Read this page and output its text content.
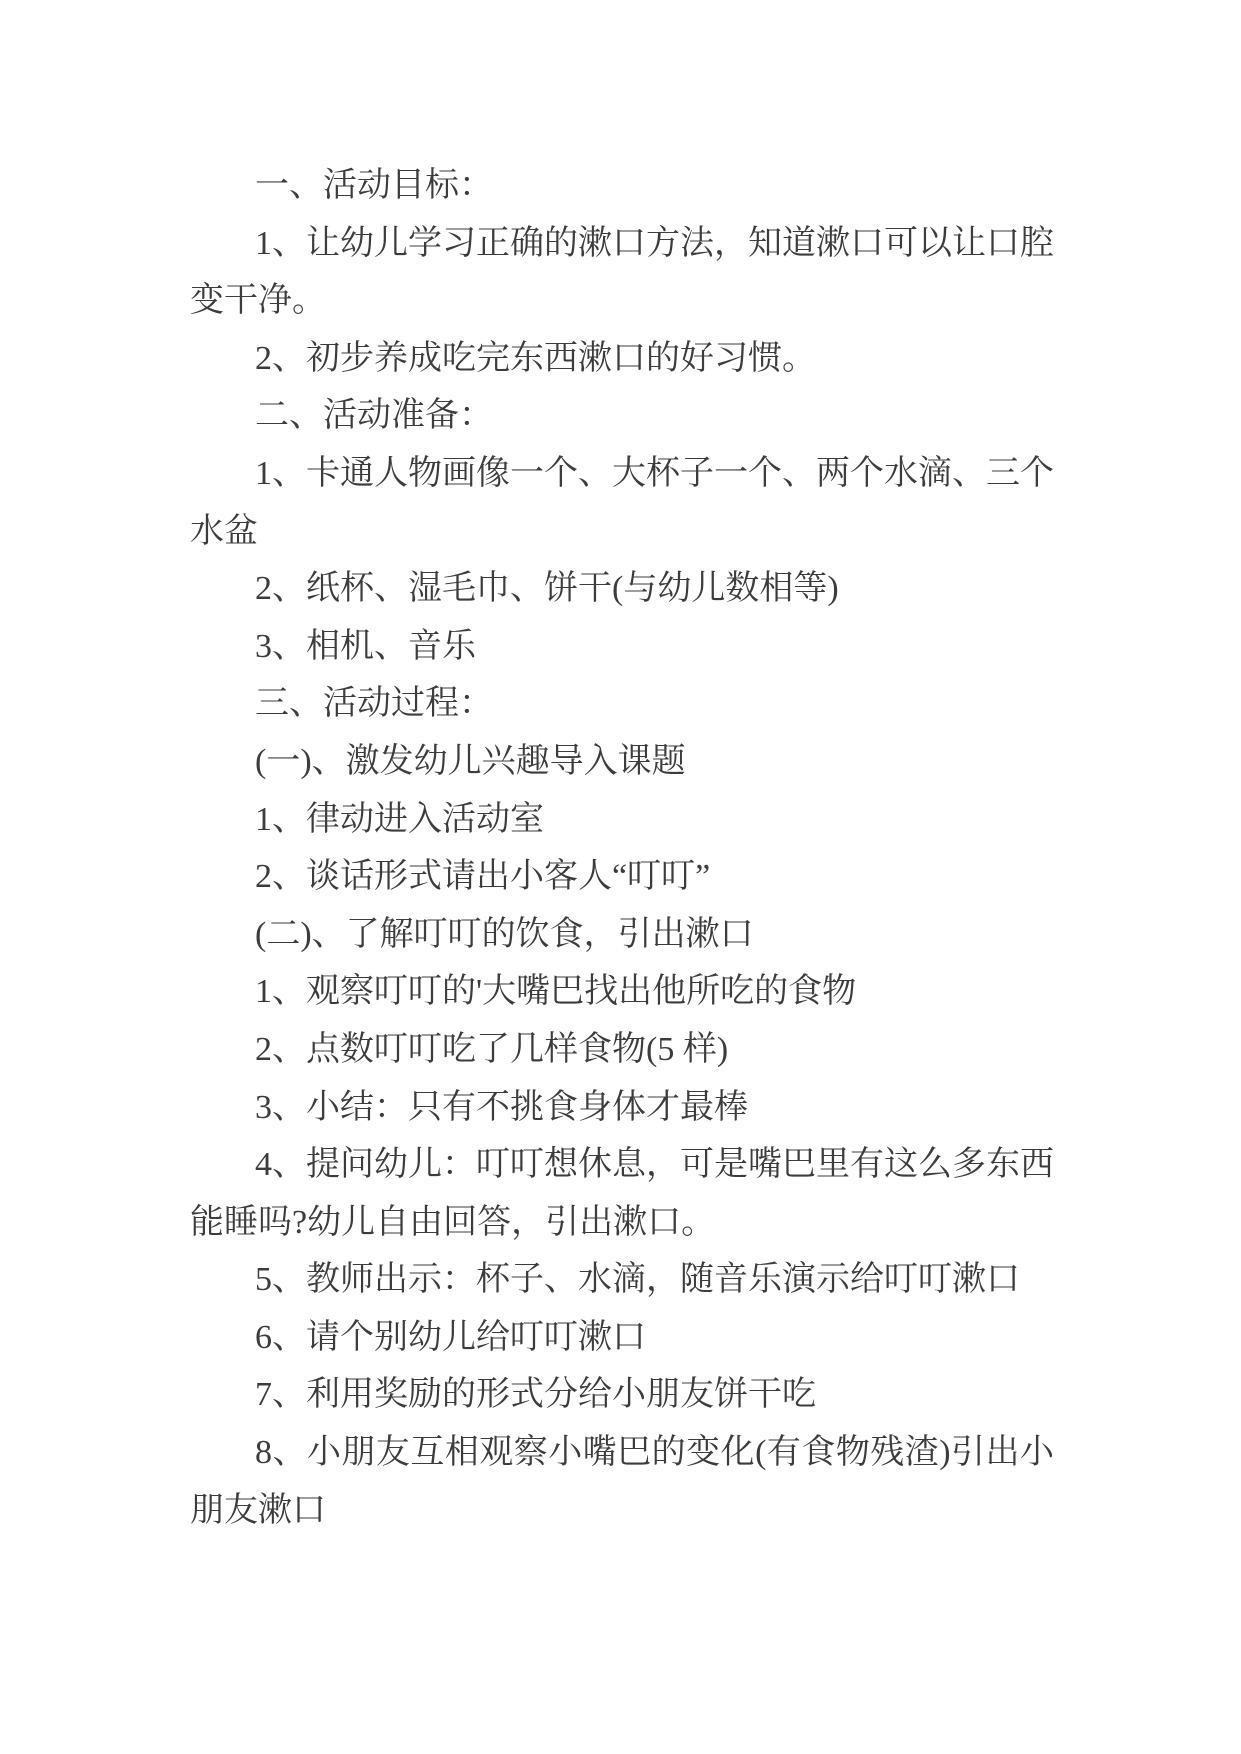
一、活动目标：

1、让幼儿学习正确的漱口方法，知道漱口可以让口腔变干净。

2、初步养成吃完东西漱口的好习惯。

二、活动准备：

1、卡通人物画像一个、大杯子一个、两个水滴、三个水盆

2、纸杯、湿毛巾、饼干(与幼儿数相等)

3、相机、音乐

三、活动过程：

(一)、激发幼儿兴趣导入课题

1、律动进入活动室

2、谈话形式请出小客人“叮叮”

(二)、了解叮叮的饮食，引出漱口

1、观察叮叮的'大嘴巴找出他所吃的食物

2、点数叮叮吃了几样食物(5 样)

3、小结：只有不挑食身体才最棒

4、提问幼儿：叮叮想休息，可是嘴巴里有这么多东西能睡吗?幼儿自由回答，引出漱口。

5、教师出示：杯子、水滴，随音乐演示给叮叮漱口

6、请个别幼儿给叮叮漱口

7、利用奖励的形式分给小朋友饼干吃

8、小朋友互相观察小嘴巴的变化(有食物残渣)引出小朋友漱口
